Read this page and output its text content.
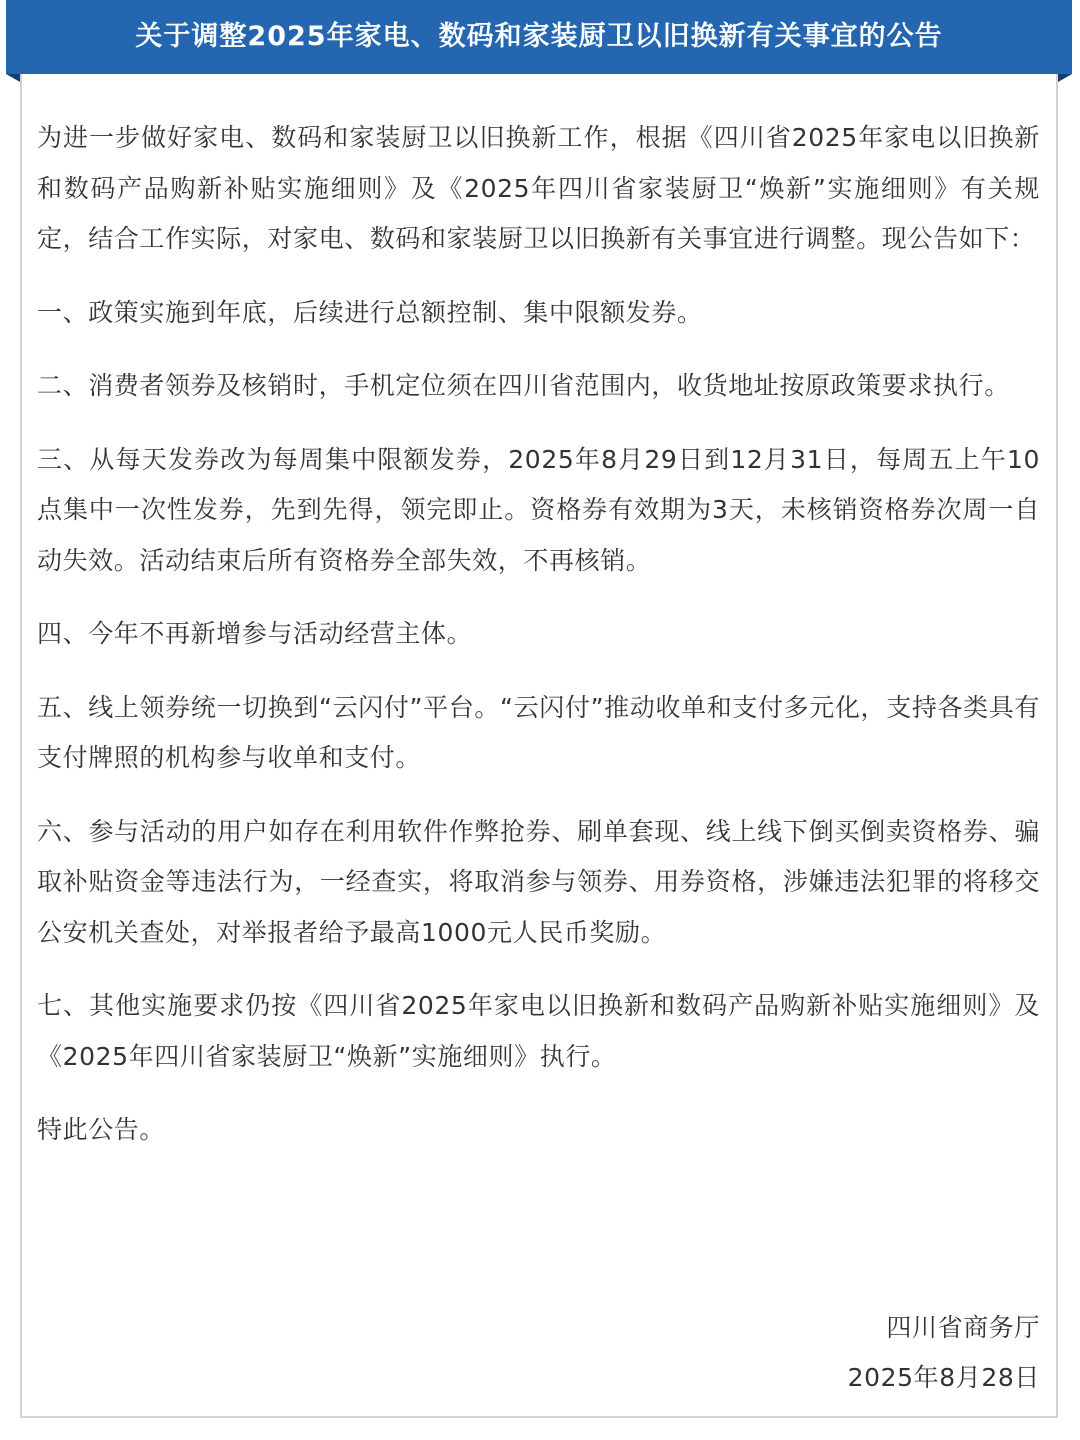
关于调整2025年家电、数码和家装厨卫以旧换新有关事宜的公告

为进一步做好家电、数码和家装厨卫以旧换新工作，根据《四川省2025年家电以旧换新和数码产品购新补贴实施细则》及《2025年四川省家装厨卫“焕新”实施细则》有关规定，结合工作实际，对家电、数码和家装厨卫以旧换新有关事宜进行调整。现公告如下：

一、政策实施到年底，后续进行总额控制、集中限额发券。

二、消费者领券及核销时，手机定位须在四川省范围内，收货地址按原政策要求执行。

三、从每天发券改为每周集中限额发券，2025年8月29日到12月31日，每周五上午10点集中一次性发券，先到先得，领完即止。资格券有效期为3天，未核销资格券次周一自动失效。活动结束后所有资格券全部失效，不再核销。

四、今年不再新增参与活动经营主体。

五、线上领券统一切换到“云闪付”平台。“云闪付”推动收单和支付多元化，支持各类具有支付牌照的机构参与收单和支付。

六、参与活动的用户如存在利用软件作弊抢券、刷单套现、线上线下倒买倒卖资格券、骗取补贴资金等违法行为，一经查实，将取消参与领券、用券资格，涉嫌违法犯罪的将移交公安机关查处，对举报者给予最高1000元人民币奖励。

七、其他实施要求仍按《四川省2025年家电以旧换新和数码产品购新补贴实施细则》及《2025年四川省家装厨卫“焕新”实施细则》执行。

特此公告。

四川省商务厅
2025年8月28日
